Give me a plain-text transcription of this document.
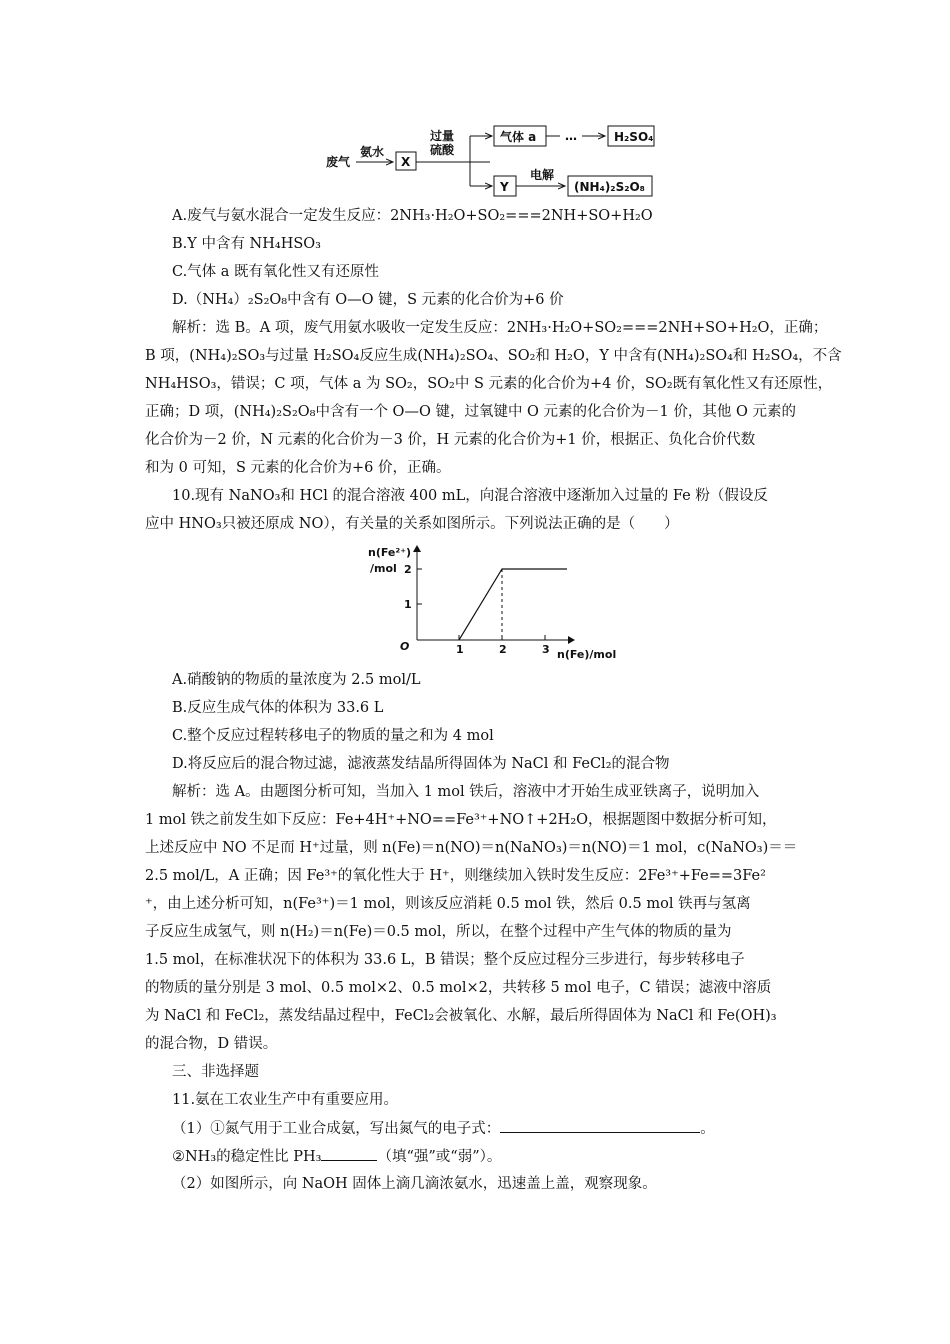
废气
氨水
X
过量
硫酸
气体 a …	H₂SO₄
Y
电解
(NH₄)₂S₂O₈
A.废气与氨水混合一定发生反应：2NH₃·H₂O+SO₂===2NH+SO+H₂O
B.Y 中含有 NH₄HSO₃
C.气体 a 既有氧化性又有还原性
D.（NH₄）₂S₂O₈中含有 O—O 键，S 元素的化合价为+6 价
解析：选 B。A 项，废气用氨水吸收一定发生反应：2NH₃·H₂O+SO₂===2NH+SO+H₂O，正确；
B 项，(NH₄)₂SO₃与过量 H₂SO₄反应生成(NH₄)₂SO₄、SO₂和 H₂O，Y 中含有(NH₄)₂SO₄和 H₂SO₄，不含
NH₄HSO₃，错误；C 项，气体 a 为 SO₂，SO₂中 S 元素的化合价为+4 价，SO₂既有氧化性又有还原性，
正确；D 项，(NH₄)₂S₂O₈中含有一个 O—O 键，过氧键中 O 元素的化合价为－1 价，其他 O 元素的
化合价为－2 价，N 元素的化合价为－3 价，H 元素的化合价为+1 价，根据正、负化合价代数
和为 0 可知，S 元素的化合价为+6 价，正确。
10.现有 NaNO₃和 HCl 的混合溶液 400 mL，向混合溶液中逐渐加入过量的 Fe 粉（假设反
应中 HNO₃只被还原成 NO），有关量的关系如图所示。下列说法正确的是（　　）
n(Fe²⁺)
/mol
O
1
2
1	2	3 n(Fe)/mol
A.硝酸钠的物质的量浓度为 2.5 mol/L
B.反应生成气体的体积为 33.6 L
C.整个反应过程转移电子的物质的量之和为 4 mol
D.将反应后的混合物过滤，滤液蒸发结晶所得固体为 NaCl 和 FeCl₂的混合物
解析：选 A。由题图分析可知，当加入 1 mol 铁后，溶液中才开始生成亚铁离子，说明加入
1 mol 铁之前发生如下反应：Fe+4H⁺+NO==Fe³⁺+NO↑+2H₂O，根据题图中数据分析可知，
上述反应中 NO 不足而 H⁺过量，则 n(Fe)＝n(NO)＝n(NaNO₃)＝n(NO)＝1 mol，c(NaNO₃)＝＝
2.5 mol/L，A 正确；因 Fe³⁺的氧化性大于 H⁺，则继续加入铁时发生反应：2Fe³⁺+Fe==3Fe²
⁺，由上述分析可知，n(Fe³⁺)＝1 mol，则该反应消耗 0.5 mol 铁，然后 0.5 mol 铁再与氢离
子反应生成氢气，则 n(H₂)＝n(Fe)＝0.5 mol，所以，在整个过程中产生气体的物质的量为
1.5 mol，在标准状况下的体积为 33.6 L，B 错误；整个反应过程分三步进行，每步转移电子
的物质的量分别是 3 mol、0.5 mol×2、0.5 mol×2，共转移 5 mol 电子，C 错误；滤液中溶质
为 NaCl 和 FeCl₂，蒸发结晶过程中，FeCl₂会被氧化、水解，最后所得固体为 NaCl 和 Fe(OH)₃
的混合物，D 错误。
三、非选择题
11.氨在工农业生产中有重要应用。
（1）①氮气用于工业合成氨，写出氮气的电子式：	。
②NH₃的稳定性比 PH₃	（填“强”或“弱”）。
（2）如图所示，向 NaOH 固体上滴几滴浓氨水，迅速盖上盖，观察现象。
